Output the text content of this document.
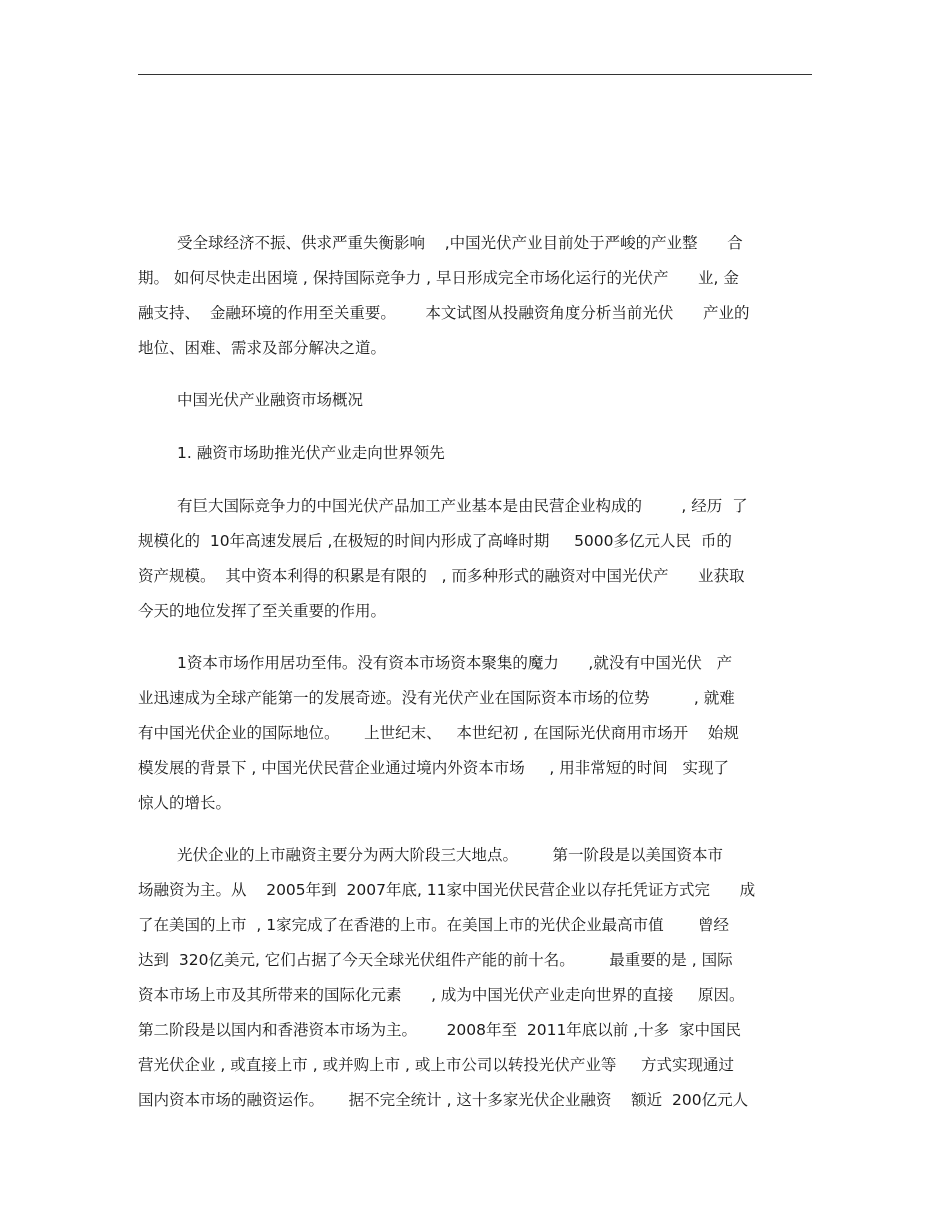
受全球经济不振、供求严重失衡影响    ,中国光伏产业目前处于严峻的产业整      合
期。 如何尽快走出困境 , 保持国际竞争力 , 早日形成完全市场化运行的光伏产      业, 金
融支持、  金融环境的作用至关重要。      本文试图从投融资角度分析当前光伏      产业的
地位、困难、需求及部分解决之道。
中国光伏产业融资市场概况
1. 融资市场助推光伏产业走向世界领先
有巨大国际竞争力的中国光伏产品加工产业基本是由民营企业构成的        , 经历  了
规模化的  10年高速发展后 ,在极短的时间内形成了高峰时期     5000多亿元人民  币的
资产规模。  其中资本利得的积累是有限的   , 而多种形式的融资对中国光伏产      业获取
今天的地位发挥了至关重要的作用。
1资本市场作用居功至伟。没有资本市场资本聚集的魔力      ,就没有中国光伏   产
业迅速成为全球产能第一的发展奇迹。没有光伏产业在国际资本市场的位势         , 就难
有中国光伏企业的国际地位。     上世纪末、   本世纪初 , 在国际光伏商用市场开    始规
模发展的背景下 , 中国光伏民营企业通过境内外资本市场     , 用非常短的时间   实现了
惊人的增长。
光伏企业的上市融资主要分为两大阶段三大地点。       第一阶段是以美国资本市
场融资为主。从    2005年到  2007年底, 11家中国光伏民营企业以存托凭证方式完      成
了在美国的上市  , 1家完成了在香港的上市。在美国上市的光伏企业最高市值       曾经
达到  320亿美元, 它们占据了今天全球光伏组件产能的前十名。       最重要的是 , 国际
资本市场上市及其所带来的国际化元素      , 成为中国光伏产业走向世界的直接     原因。
第二阶段是以国内和香港资本市场为主。      2008年至  2011年底以前 ,十多  家中国民
营光伏企业 , 或直接上市 , 或并购上市 , 或上市公司以转投光伏产业等     方式实现通过
国内资本市场的融资运作。     据不完全统计 , 这十多家光伏企业融资    额近  200亿元人
